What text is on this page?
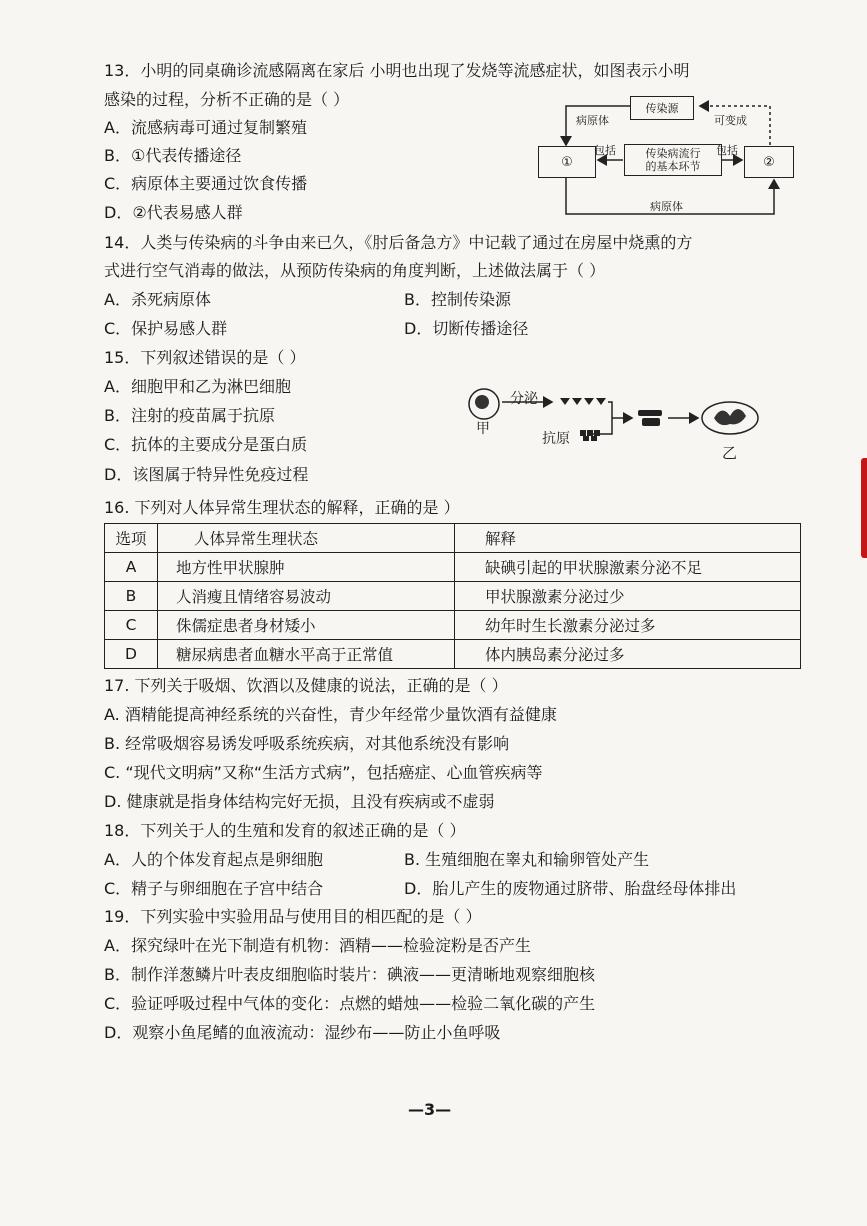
13．小明的同桌确诊流感隔离在家后 小明也出现了发烧等流感症状，如图表示小明
感染的过程，分析不正确的是（ ）
A．流感病毒可通过复制繁殖
B．①代表传播途径
C．病原体主要通过饮食传播
D．②代表易感人群
传染源
①	②
传染病流行
的基本环节
病原体	可变成
包括	包括
病原体
14．人类与传染病的斗争由来已久，《肘后备急方》中记载了通过在房屋中烧熏的方
式进行空气消毒的做法，从预防传染病的角度判断，上述做法属于（ ）
A．杀死病原体	B．控制传染源
C．保护易感人群	D．切断传播途径
15．下列叙述错误的是（ ）
A．细胞甲和乙为淋巴细胞
B．注射的疫苗属于抗原
C．抗体的主要成分是蛋白质
D．该图属于特异性免疫过程
分泌
抗原
甲
乙
16. 下列对人体异常生理状态的解释，正确的是 ）
选项	人体异常生理状态	解释
A	地方性甲状腺肿	缺碘引起的甲状腺激素分泌不足
B	人消瘦且情绪容易波动	甲状腺激素分泌过少
C	侏儒症患者身材矮小	幼年时生长激素分泌过多
D	糖尿病患者血糖水平高于正常值	体内胰岛素分泌过多
17. 下列关于吸烟、饮酒以及健康的说法，正确的是（ ）
A. 酒精能提高神经系统的兴奋性，青少年经常少量饮酒有益健康
B. 经常吸烟容易诱发呼吸系统疾病，对其他系统没有影响
C. “现代文明病”又称“生活方式病”，包括癌症、心血管疾病等
D. 健康就是指身体结构完好无损，且没有疾病或不虚弱
18．下列关于人的生殖和发育的叙述正确的是（ ）
A．人的个体发育起点是卵细胞	B. 生殖细胞在睾丸和输卵管处产生
C．精子与卵细胞在子宫中结合	D．胎儿产生的废物通过脐带、胎盘经母体排出
19．下列实验中实验用品与使用目的相匹配的是（ ）
A．探究绿叶在光下制造有机物：酒精——检验淀粉是否产生
B．制作洋葱鳞片叶表皮细胞临时装片：碘液——更清晰地观察细胞核
C．验证呼吸过程中气体的变化：点燃的蜡烛——检验二氧化碳的产生
D．观察小鱼尾鳍的血液流动：湿纱布——防止小鱼呼吸
—3—
